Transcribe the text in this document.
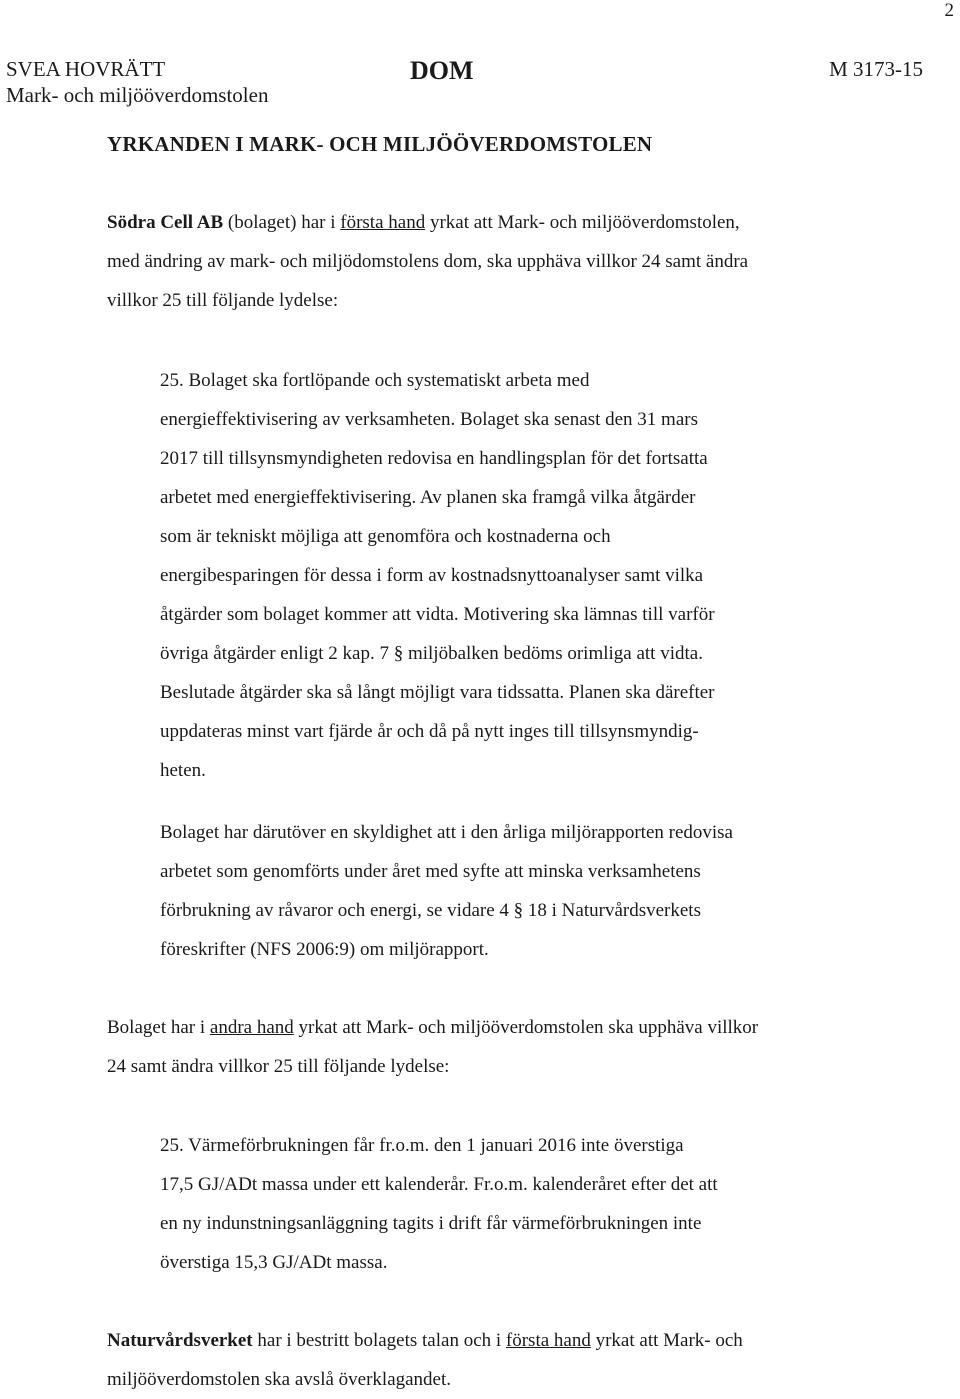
2
SVEA HOVRÄTT
Mark- och miljööverdomstolen
DOM	M 3173-15
YRKANDEN I MARK- OCH MILJÖÖVERDOMSTOLEN
Södra Cell AB (bolaget) har i första hand yrkat att Mark- och miljööverdomstolen,
med ändring av mark- och miljödomstolens dom, ska upphäva villkor 24 samt ändra
villkor 25 till följande lydelse:
25. Bolaget ska fortlöpande och systematiskt arbeta med
energieffektivisering av verksamheten. Bolaget ska senast den 31 mars
2017 till tillsynsmyndigheten redovisa en handlingsplan för det fortsatta
arbetet med energieffektivisering. Av planen ska framgå vilka åtgärder
som är tekniskt möjliga att genomföra och kostnaderna och
energibesparingen för dessa i form av kostnadsnyttoanalyser samt vilka
åtgärder som bolaget kommer att vidta. Motivering ska lämnas till varför
övriga åtgärder enligt 2 kap. 7 § miljöbalken bedöms orimliga att vidta.
Beslutade åtgärder ska så långt möjligt vara tidssatta. Planen ska därefter
uppdateras minst vart fjärde år och då på nytt inges till tillsynsmyndig-
heten.
Bolaget har därutöver en skyldighet att i den årliga miljörapporten redovisa
arbetet som genomförts under året med syfte att minska verksamhetens
förbrukning av råvaror och energi, se vidare 4 § 18 i Naturvårdsverkets
föreskrifter (NFS 2006:9) om miljörapport.
Bolaget har i andra hand yrkat att Mark- och miljööverdomstolen ska upphäva villkor
24 samt ändra villkor 25 till följande lydelse:
25. Värmeförbrukningen får fr.o.m. den 1 januari 2016 inte överstiga
17,5 GJ/ADt massa under ett kalenderår. Fr.o.m. kalenderåret efter det att
en ny indunstningsanläggning tagits i drift får värmeförbrukningen inte
överstiga 15,3 GJ/ADt massa.
Naturvårdsverket har i bestritt bolagets talan och i första hand yrkat att Mark- och
miljööverdomstolen ska avslå överklagandet.
